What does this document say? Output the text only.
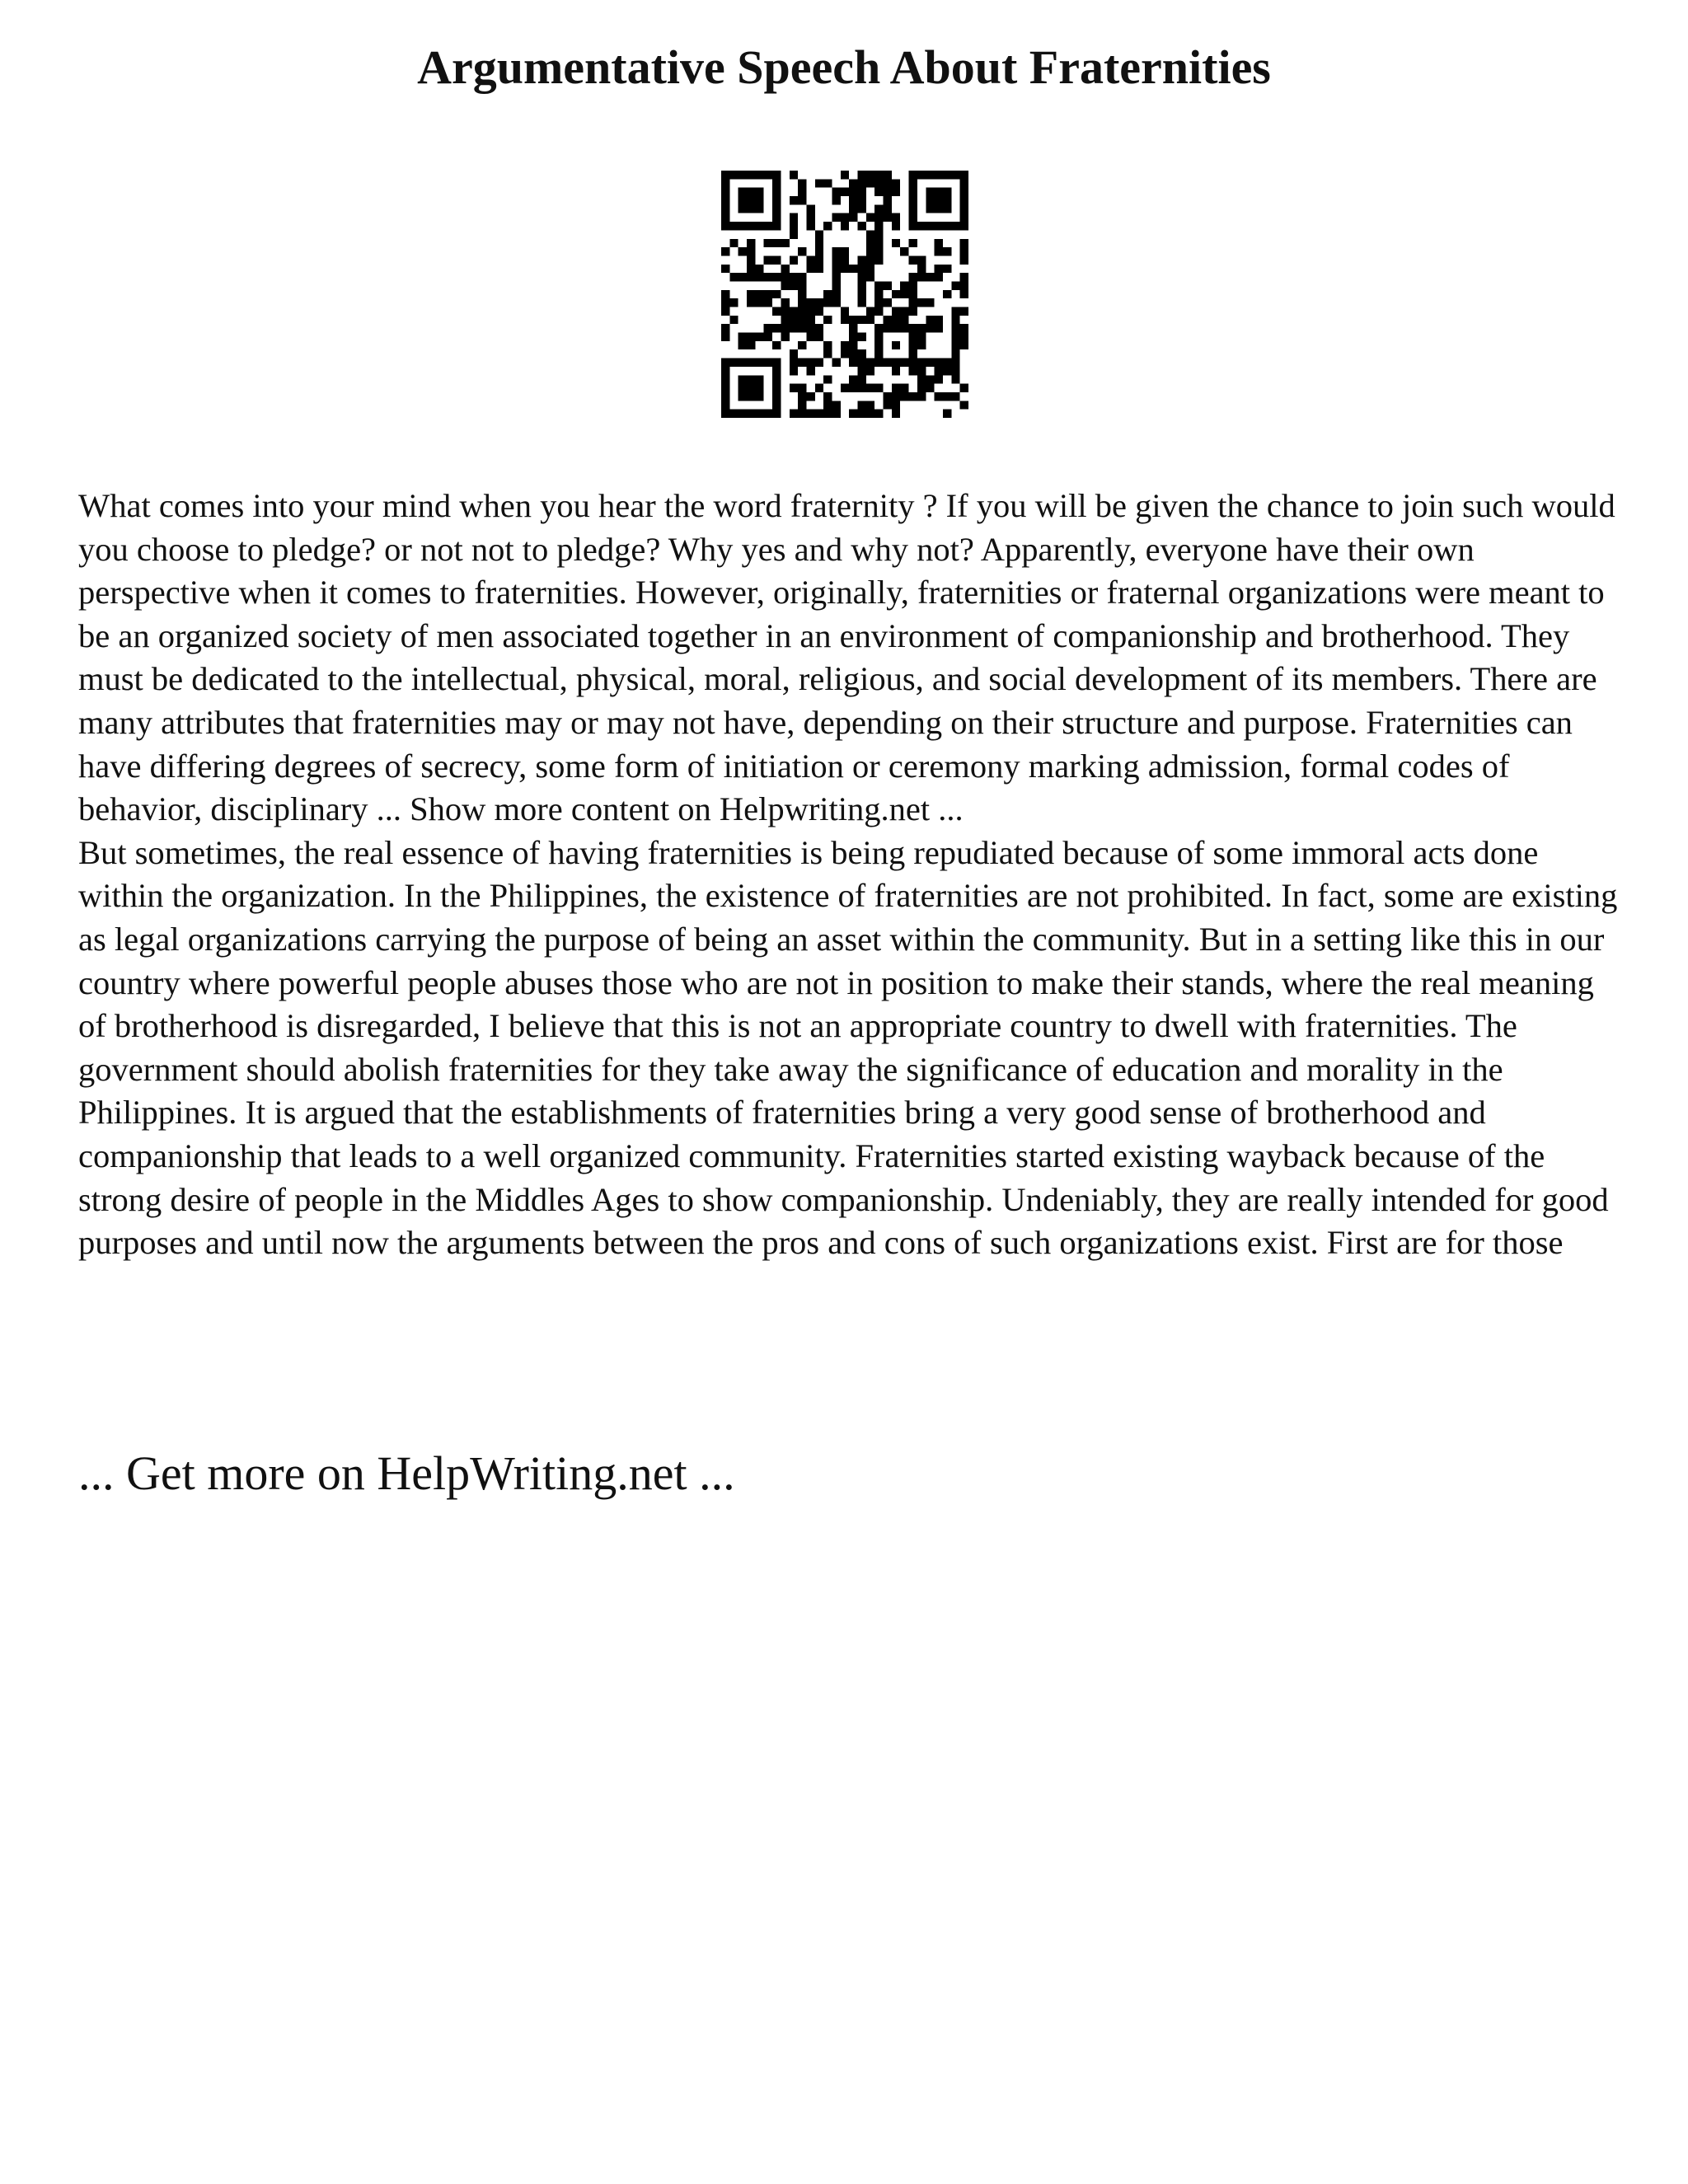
Argumentative Speech About Fraternities

What comes into your mind when you hear the word fraternity ? If you will be given the chance to join such would you choose to pledge? or not not to pledge? Why yes and why not? Apparently, everyone have their own perspective when it comes to fraternities. However, originally, fraternities or fraternal organizations were meant to be an organized society of men associated together in an environment of companionship and brotherhood. They must be dedicated to the intellectual, physical, moral, religious, and social development of its members. There are many attributes that fraternities may or may not have, depending on their structure and purpose. Fraternities can have differing degrees of secrecy, some form of initiation or ceremony marking admission, formal codes of behavior, disciplinary ... Show more content on Helpwriting.net ...

But sometimes, the real essence of having fraternities is being repudiated because of some immoral acts done within the organization. In the Philippines, the existence of fraternities are not prohibited. In fact, some are existing as legal organizations carrying the purpose of being an asset within the community. But in a setting like this in our country where powerful people abuses those who are not in position to make their stands, where the real meaning of brotherhood is disregarded, I believe that this is not an appropriate country to dwell with fraternities. The government should abolish fraternities for they take away the significance of education and morality in the Philippines. It is argued that the establishments of fraternities bring a very good sense of brotherhood and companionship that leads to a well organized community. Fraternities started existing wayback because of the strong desire of people in the Middles Ages to show companionship. Undeniably, they are really intended for good purposes and until now the arguments between the pros and cons of such organizations exist. First are for those

... Get more on HelpWriting.net ...
